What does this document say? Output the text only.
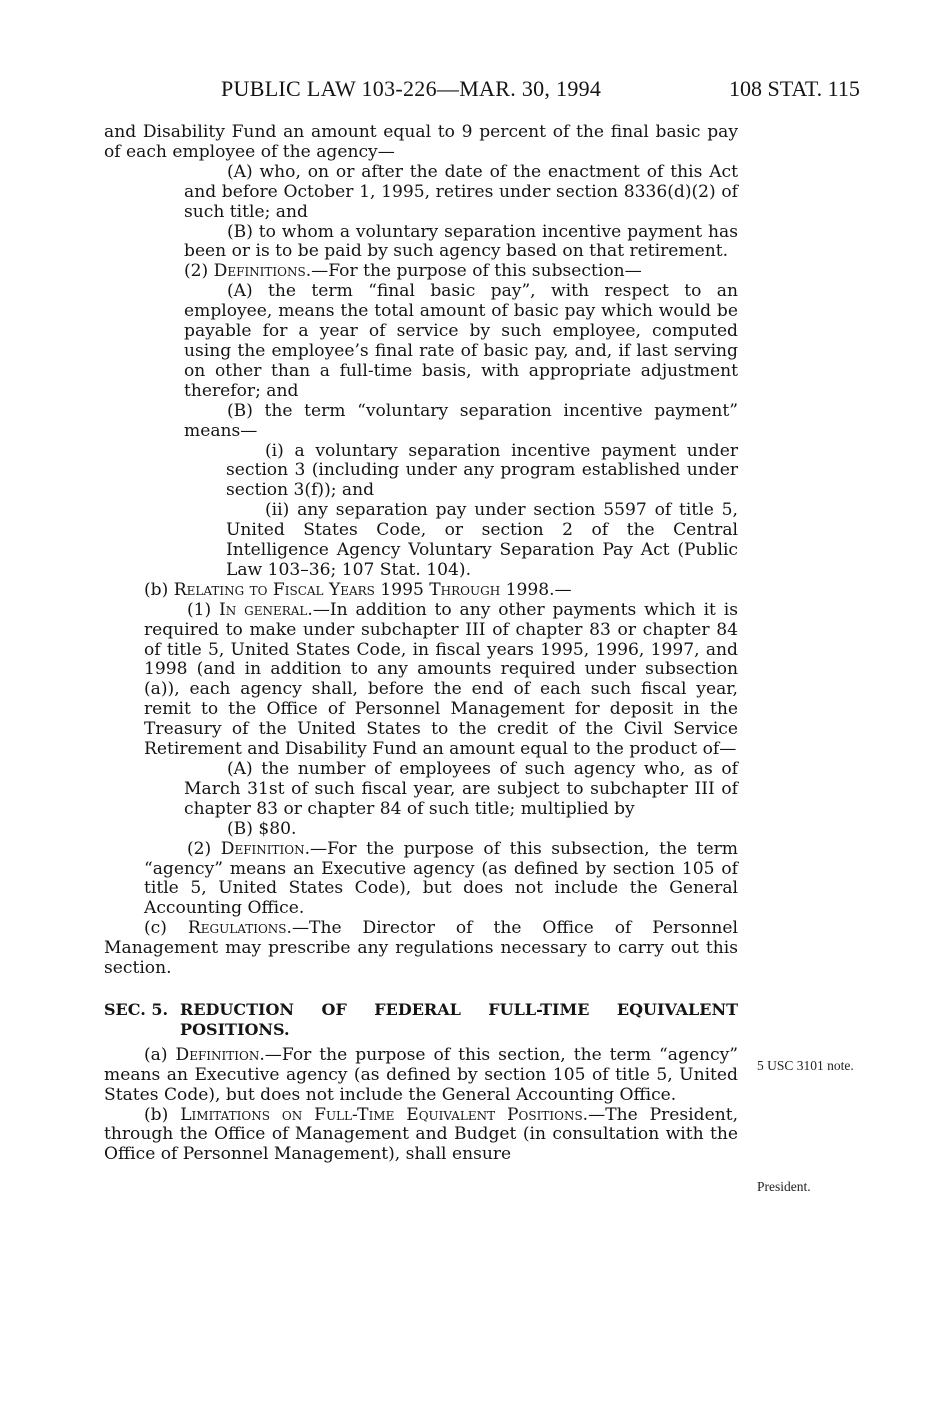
PUBLIC LAW 103-226—MAR. 30, 1994	108 STAT. 115

and Disability Fund an amount equal to 9 percent of the final basic pay of each employee of the agency—

(A) who, on or after the date of the enactment of this Act and before October 1, 1995, retires under section 8336(d)(2) of such title; and

(B) to whom a voluntary separation incentive payment has been or is to be paid by such agency based on that retirement.

(2) Definitions.—For the purpose of this subsection—

(A) the term “final basic pay”, with respect to an employee, means the total amount of basic pay which would be payable for a year of service by such employee, computed using the employee’s final rate of basic pay, and, if last serving on other than a full-time basis, with appropriate adjustment therefor; and

(B) the term “voluntary separation incentive payment” means—

(i) a voluntary separation incentive payment under section 3 (including under any program established under section 3(f)); and

(ii) any separation pay under section 5597 of title 5, United States Code, or section 2 of the Central Intelligence Agency Voluntary Separation Pay Act (Public Law 103–36; 107 Stat. 104).

(b) Relating to Fiscal Years 1995 Through 1998.—

(1) In general.—In addition to any other payments which it is required to make under subchapter III of chapter 83 or chapter 84 of title 5, United States Code, in fiscal years 1995, 1996, 1997, and 1998 (and in addition to any amounts required under subsection (a)), each agency shall, before the end of each such fiscal year, remit to the Office of Personnel Management for deposit in the Treasury of the United States to the credit of the Civil Service Retirement and Disability Fund an amount equal to the product of—

(A) the number of employees of such agency who, as of March 31st of such fiscal year, are subject to subchapter III of chapter 83 or chapter 84 of such title; multiplied by

(B) $80.

(2) Definition.—For the purpose of this subsection, the term “agency” means an Executive agency (as defined by section 105 of title 5, United States Code), but does not include the General Accounting Office.

(c) Regulations.—The Director of the Office of Personnel Management may prescribe any regulations necessary to carry out this section.

SEC. 5. REDUCTION OF FEDERAL FULL-TIME EQUIVALENT POSITIONS.

(a) Definition.—For the purpose of this section, the term “agency” means an Executive agency (as defined by section 105 of title 5, United States Code), but does not include the General Accounting Office.

(b) Limitations on Full-Time Equivalent Positions.—The President, through the Office of Management and Budget (in consultation with the Office of Personnel Management), shall ensure

5 USC 3101 note.
President.
